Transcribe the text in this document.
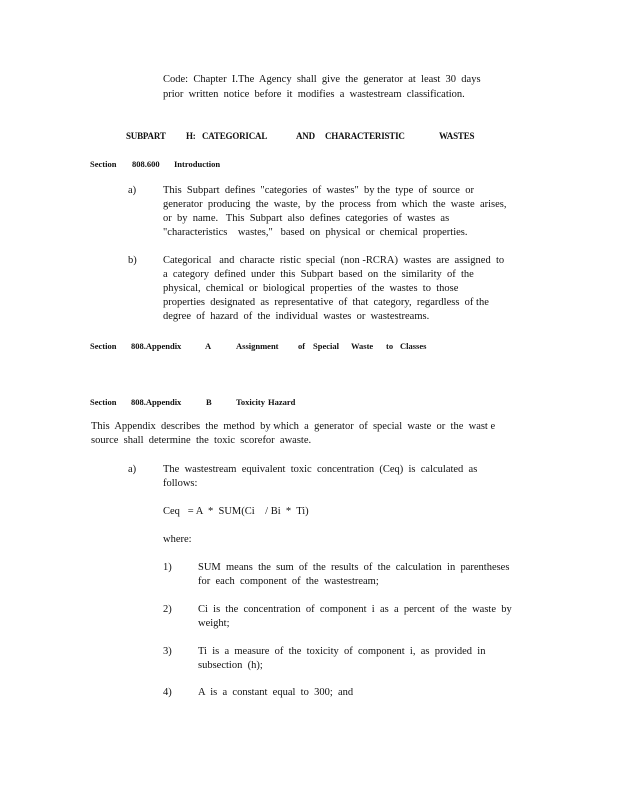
Code:  Chapter  I.The  Agency  shall  give  the  generator  at  least  30  days
prior  written  notice  before  it  modifies  a  wastestream  classification.
SUBPART H: CATEGORICAL	AND CHARACTERISTIC	WASTES
Section 808.600 Introduction
a)	This  Subpart  defines  "categories  of  wastes"  by the  type  of  source  or
generator  producing  the  waste,  by  the  process  from  which  the  waste  arises,
or  by  name.   This  Subpart  also  defines  categories  of  wastes  as
"characteristics    wastes,"   based  on  physical  or  chemical  properties.
b)	Categorical   and  characte  ristic  special  (non -RCRA)  wastes  are  assigned  to
a  category  defined  under  this  Subpart  based  on  the  similarity  of  the
physical,  chemical  or  biological  properties  of  the  wastes  to  those
properties  designated  as  representative  of  that  category,  regardless  of the
degree  of  hazard  of  the  individual  wastes  or  wastestreams.
Section 808.Appendix	A	Assignment of Special Waste to Classes
Section 808.Appendix	B	Toxicity Hazard
This  Appendix  describes  the  method  by which  a  generator  of  special  waste  or  the  wast e
source  shall  determine  the  toxic  scorefor  awaste.
a)	The  wastestream  equivalent  toxic  concentration  (Ceq)  is  calculated  as
follows:
Ceq   = A  *  SUM(Ci    / Bi  *  Ti)
where:
1)	SUM  means  the  sum  of  the  results  of  the  calculation  in  parentheses
for  each  component  of  the  wastestream;
2)	Ci  is  the  concentration  of  component  i  as  a  percent  of  the  waste  by
weight;
3)	Ti  is  a  measure  of  the  toxicity  of  component  i,  as  provided  in
subsection  (h);
4)	A  is  a  constant  equal  to  300;  and
